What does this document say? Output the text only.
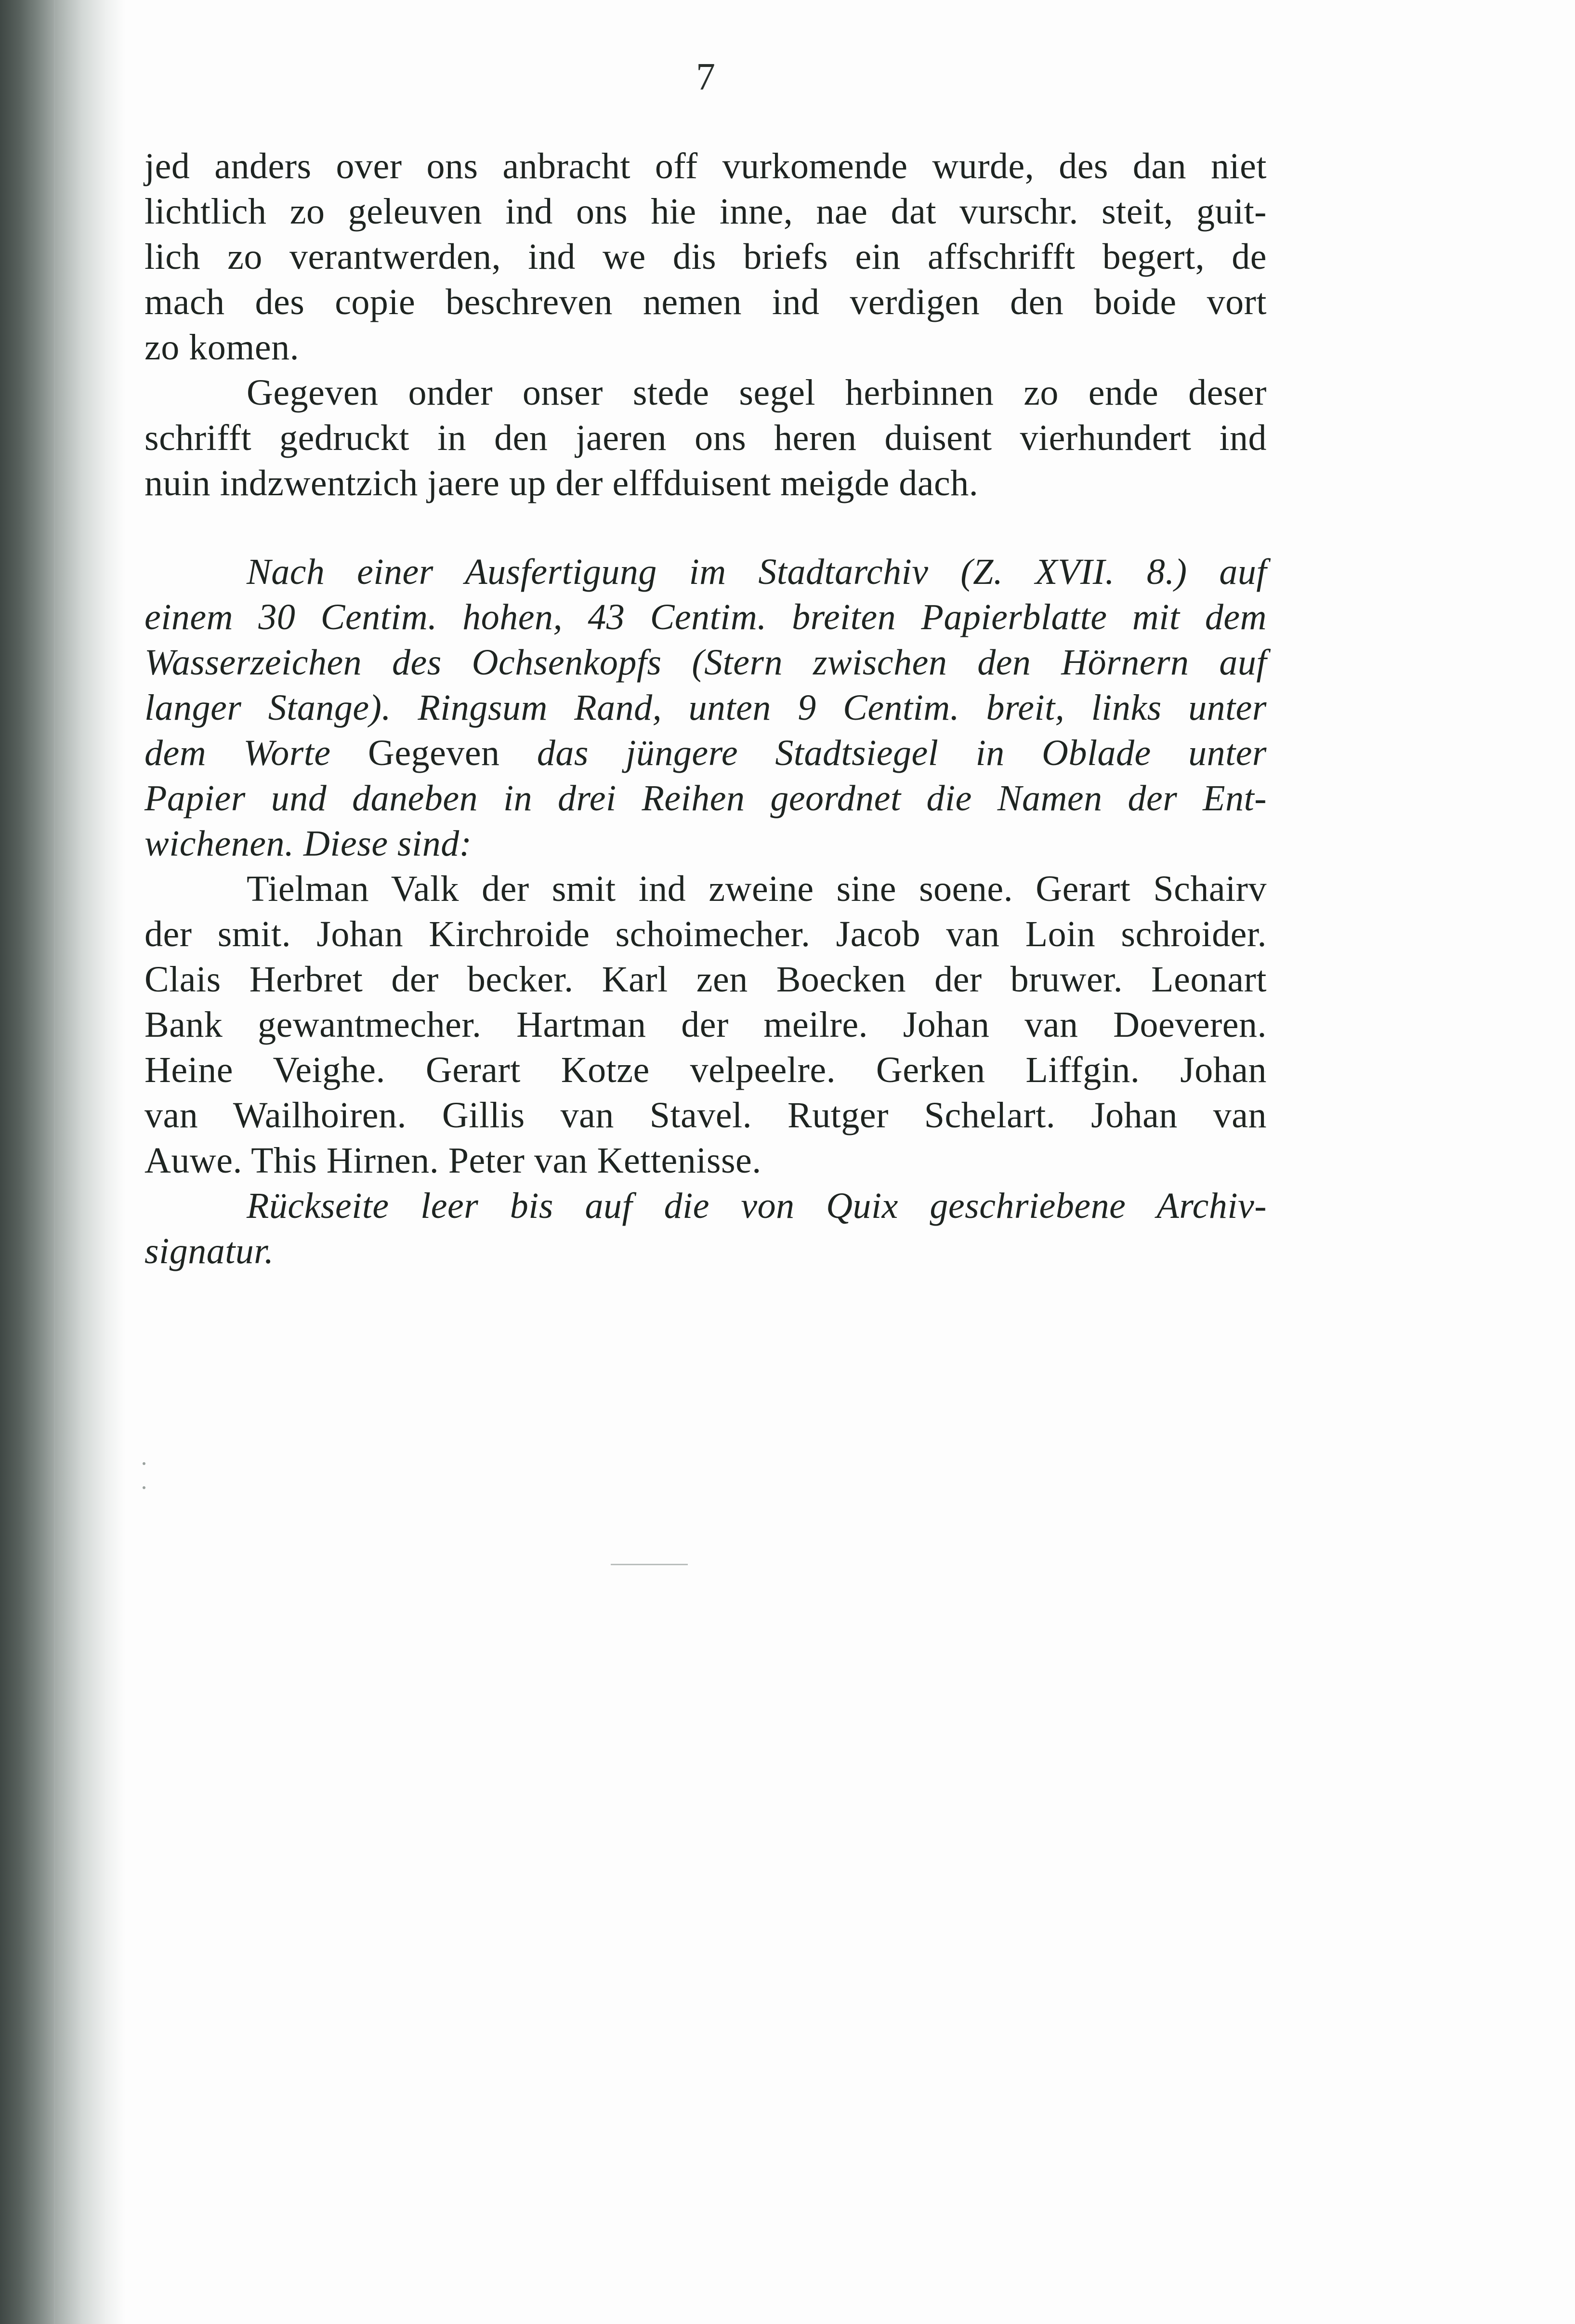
7
jed anders over ons anbracht off vurkomende wurde, des dan niet
lichtlich zo geleuven ind ons hie inne, nae dat vurschr. steit, guit-
lich zo verantwerden, ind we dis briefs ein affschrifft begert, de
mach des copie beschreven nemen ind verdigen den boide vort
zo komen.
Gegeven onder onser stede segel herbinnen zo ende deser
schrifft gedruckt in den jaeren ons heren duisent vierhundert ind
nuin indzwentzich jaere up der elffduisent meigde dach.
Nach einer Ausfertigung im Stadtarchiv (Z. XVII. 8.) auf
einem 30 Centim. hohen, 43 Centim. breiten Papierblatte mit dem
Wasserzeichen des Ochsenkopfs (Stern zwischen den Hörnern auf
langer Stange). Ringsum Rand, unten 9 Centim. breit, links unter
dem Worte Gegeven das jüngere Stadtsiegel in Oblade unter
Papier und daneben in drei Reihen geordnet die Namen der Ent-
wichenen. Diese sind:
Tielman Valk der smit ind zweine sine soene. Gerart Schairv
der smit. Johan Kirchroide schoimecher. Jacob van Loin schroider.
Clais Herbret der becker. Karl zen Boecken der bruwer. Leonart
Bank gewantmecher. Hartman der meilre. Johan van Doeveren.
Heine Veighe. Gerart Kotze velpeelre. Gerken Liffgin. Johan
van Wailhoiren. Gillis van Stavel. Rutger Schelart. Johan van
Auwe. This Hirnen. Peter van Kettenisse.
Rückseite leer bis auf die von Quix geschriebene Archiv-
signatur.
